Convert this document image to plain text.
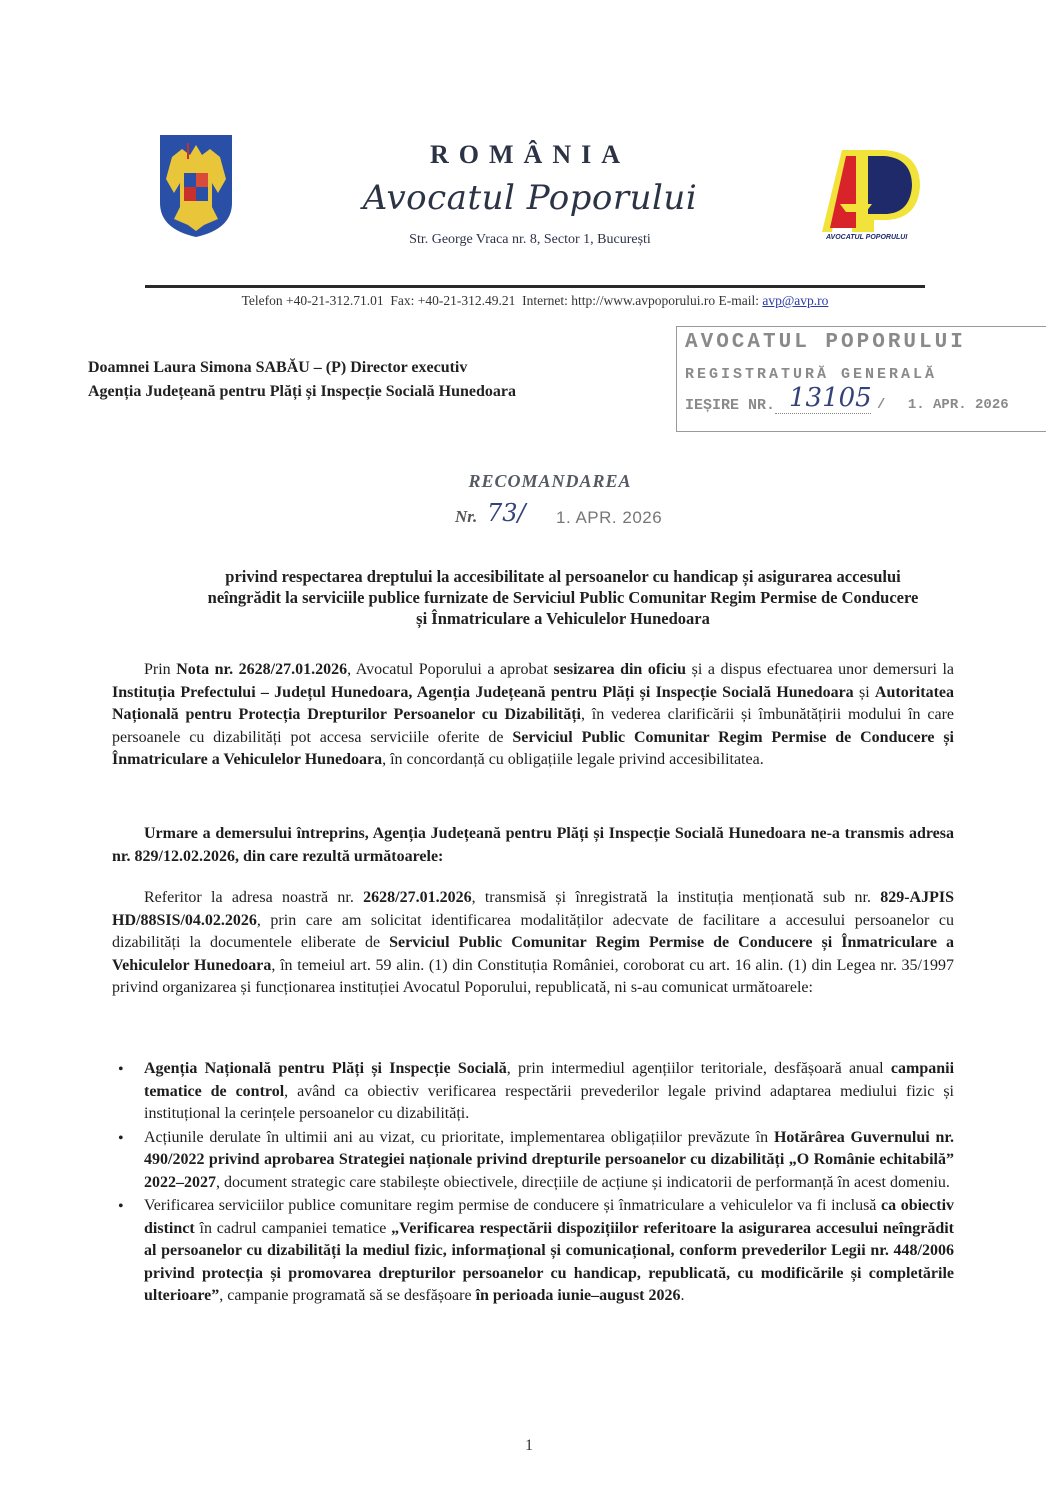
ROMÂNIA
Avocatul Poporului
Str. George Vraca nr. 8, Sector 1, București	AVOCATUL POPORULUI
Telefon +40-21-312.71.01 Fax: +40-21-312.49.21 Internet: http://www.avpoporului.ro E-mail: avp@avp.ro
Doamnei Laura Simona SABĂU – (P) Director executiv
Agenția Județeană pentru Plăți și Inspecție Socială Hunedoara
AVOCATUL POPORULUI
REGISTRATURĂ GENERALĂ
IEȘIRE NR. 13105 / 1. APR. 2026
RECOMANDAREA
Nr. 73/ 1. APR. 2026
privind respectarea dreptului la accesibilitate al persoanelor cu handicap și asigurarea accesului
neîngrădit la serviciile publice furnizate de Serviciul Public Comunitar Regim Permise de Conducere
și Înmatriculare a Vehiculelor Hunedoara
Prin Nota nr. 2628/27.01.2026, Avocatul Poporului a aprobat sesizarea din oficiu și a dispus efectuarea unor demersuri la Instituția Prefectului – Județul Hunedoara, Agenția Județeană pentru Plăți și Inspecție Socială Hunedoara și Autoritatea Națională pentru Protecția Drepturilor Persoanelor cu Dizabilități, în vederea clarificării și îmbunătățirii modului în care persoanele cu dizabilități pot accesa serviciile oferite de Serviciul Public Comunitar Regim Permise de Conducere și Înmatriculare a Vehiculelor Hunedoara, în concordanță cu obligațiile legale privind accesibilitatea.
Urmare a demersului întreprins, Agenția Județeană pentru Plăți și Inspecție Socială Hunedoara ne-a transmis adresa nr. 829/12.02.2026, din care rezultă următoarele:
Referitor la adresa noastră nr. 2628/27.01.2026, transmisă și înregistrată la instituția menționată sub nr. 829-AJPIS HD/88SIS/04.02.2026, prin care am solicitat identificarea modalităților adecvate de facilitare a accesului persoanelor cu dizabilități la documentele eliberate de Serviciul Public Comunitar Regim Permise de Conducere și Înmatriculare a Vehiculelor Hunedoara, în temeiul art. 59 alin. (1) din Constituția României, coroborat cu art. 16 alin. (1) din Legea nr. 35/1997 privind organizarea și funcționarea instituției Avocatul Poporului, republicată, ni s-au comunicat următoarele:
• Agenția Națională pentru Plăți și Inspecție Socială, prin intermediul agențiilor teritoriale, desfășoară anual campanii tematice de control, având ca obiectiv verificarea respectării prevederilor legale privind adaptarea mediului fizic și instituțional la cerințele persoanelor cu dizabilități.
• Acțiunile derulate în ultimii ani au vizat, cu prioritate, implementarea obligațiilor prevăzute în Hotărârea Guvernului nr. 490/2022 privind aprobarea Strategiei naționale privind drepturile persoanelor cu dizabilități „O Românie echitabilă” 2022–2027, document strategic care stabilește obiectivele, direcțiile de acțiune și indicatorii de performanță în acest domeniu.
• Verificarea serviciilor publice comunitare regim permise de conducere și înmatriculare a vehiculelor va fi inclusă ca obiectiv distinct în cadrul campaniei tematice „Verificarea respectării dispozițiilor referitoare la asigurarea accesului neîngrădit al persoanelor cu dizabilități la mediul fizic, informațional și comunicațional, conform prevederilor Legii nr. 448/2006 privind protecția și promovarea drepturilor persoanelor cu handicap, republicată, cu modificările și completările ulterioare”, campanie programată să se desfășoare în perioada iunie–august 2026.
1
